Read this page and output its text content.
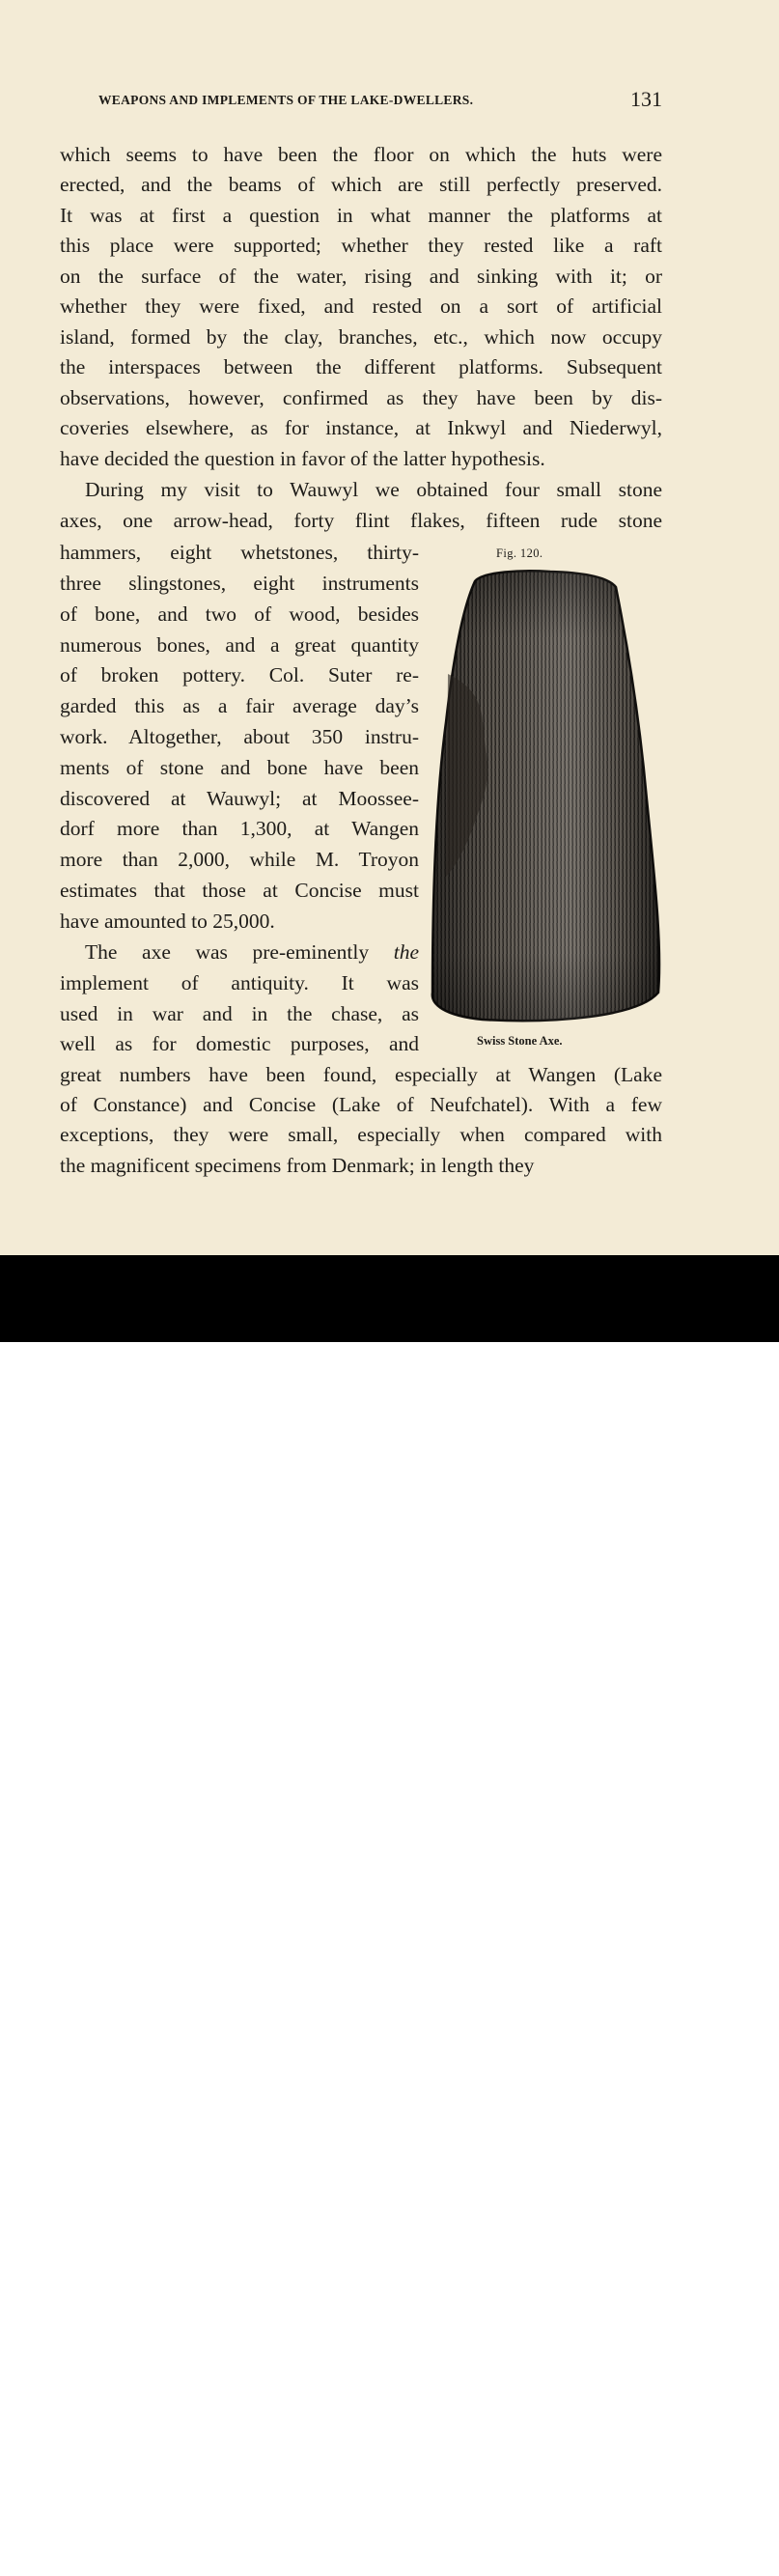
WEAPONS AND IMPLEMENTS OF THE LAKE-DWELLERS.	131
which seems to have been the floor on which the huts were
erected, and the beams of which are still perfectly preserved.
It was at first a question in what manner the platforms at
this place were supported; whether they rested like a raft
on the surface of the water, rising and sinking with it; or
whether they were fixed, and rested on a sort of artificial
island, formed by the clay, branches, etc., which now occupy
the interspaces between the different platforms. Subsequent
observations, however, confirmed as they have been by dis-
coveries elsewhere, as for instance, at Inkwyl and Niederwyl,
have decided the question in favor of the latter hypothesis.
During my visit to Wauwyl we obtained four small stone
axes, one arrow-head, forty flint flakes, fifteen rude stone
hammers, eight whetstones, thirty-
three slingstones, eight instruments
of bone, and two of wood, besides
numerous bones, and a great quantity
of broken pottery. Col. Suter re-
garded this as a fair average day’s
work. Altogether, about 350 instru-
ments of stone and bone have been
discovered at Wauwyl; at Moossee-
dorf more than 1,300, at Wangen
more than 2,000, while M. Troyon
estimates that those at Concise must
have amounted to 25,000.
The axe was pre-eminently the
implement of antiquity. It was
used in war and in the chase, as
well as for domestic purposes, and
great numbers have been found, especially at Wangen (Lake
of Constance) and Concise (Lake of Neufchatel). With a few
exceptions, they were small, especially when compared with
the magnificent specimens from Denmark; in length they
Fig. 120.
Swiss Stone Axe.
alamy	H2XTF5
www.alamy.com
